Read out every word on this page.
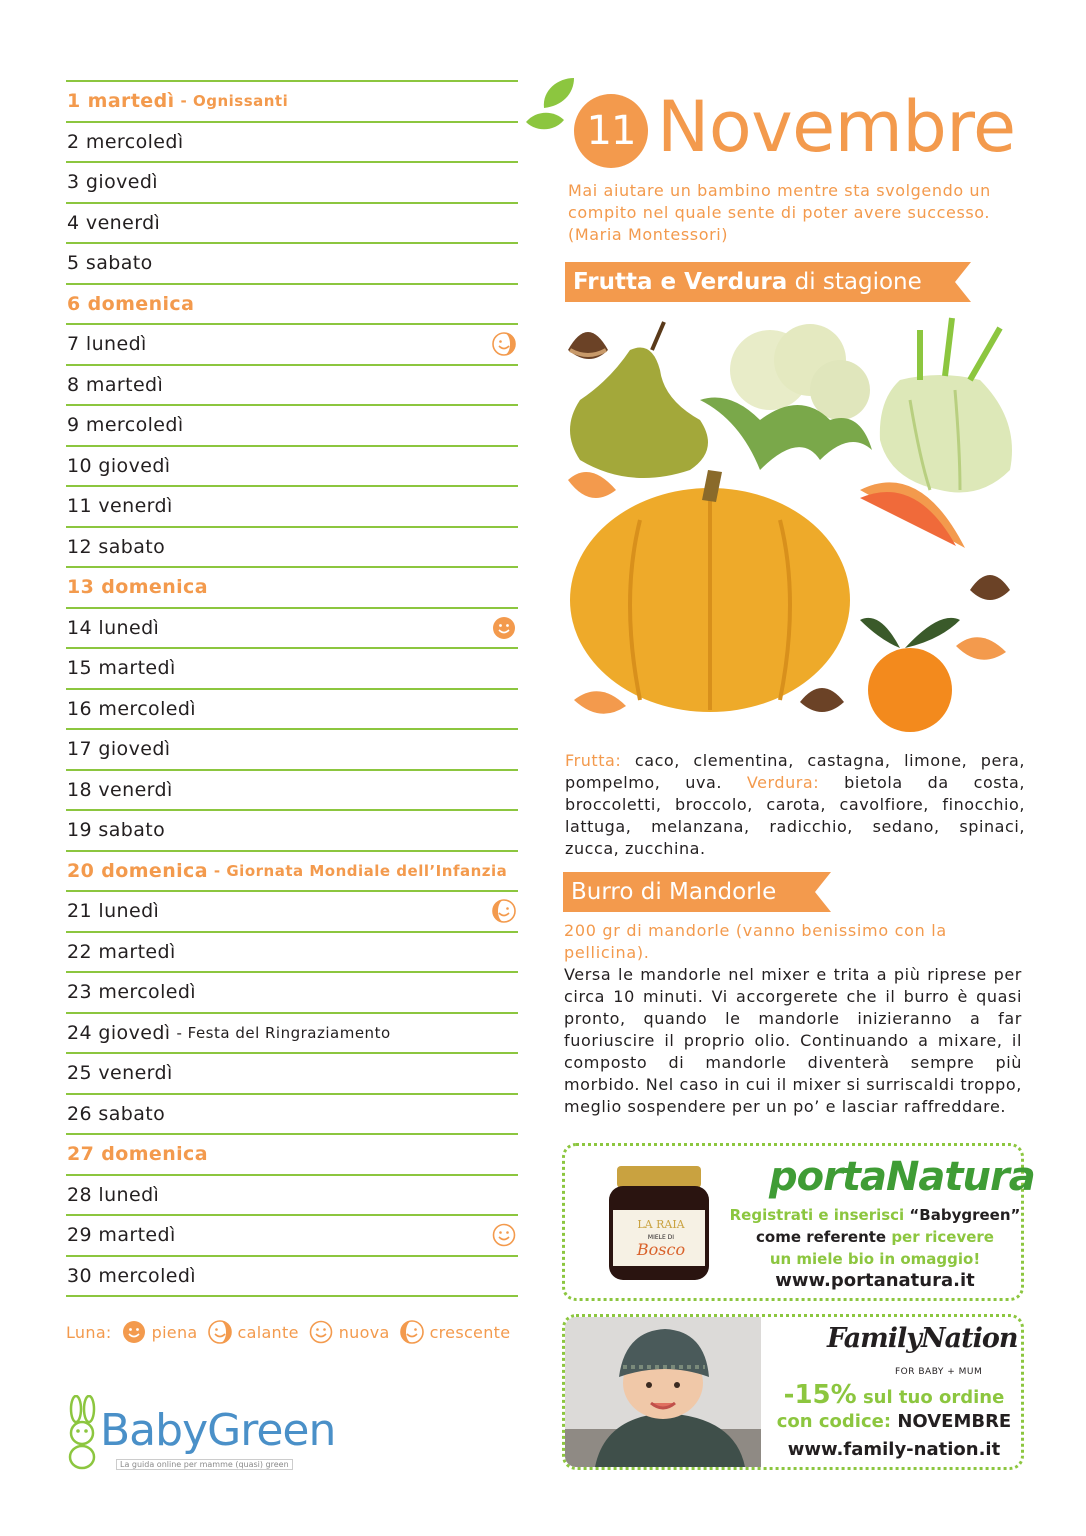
1 martedì - Ognissanti
2 mercoledì
3 giovedì
4 venerdì
5 sabato
6 domenica
7 lunedì
8 martedì
9 mercoledì
10 giovedì
11 venerdì
12 sabato
13 domenica
14 lunedì
15 martedì
16 mercoledì
17 giovedì
18 venerdì
19 sabato
20 domenica - Giornata Mondiale dell’Infanzia
21 lunedì
22 martedì
23 mercoledì
24 giovedì - Festa del Ringraziamento
25 venerdì
26 sabato
27 domenica
28 lunedì
29 martedì
30 mercoledì
Luna:	piena	calante	nuova	crescente
BabyGreen
La guida online per mamme (quasi) green
11 Novembre
Mai aiutare un bambino mentre sta svolgendo un compito nel quale sente di poter avere successo. (Maria Montessori)
Frutta e Verdura di stagione
Frutta: caco, clementina, castagna, limone, pera, pompelmo, uva. Verdura: bietola da costa, broccoletti, broccolo, carota, cavolfiore, finocchio, lattuga, melanzana, radicchio, sedano, spinaci, zucca, zucchina.
Burro di Mandorle
200 gr di mandorle (vanno benissimo con la pellicina).
Versa le mandorle nel mixer e trita a più riprese per circa 10 minuti. Vi accorgerete che il burro è quasi pronto, quando le mandorle inizieranno a far fuoriuscire il proprio olio. Continuando a mixare, il composto di mandorle diventerà sempre più morbido. Nel caso in cui il mixer si surriscaldi troppo, meglio sospendere per un po’ e lasciar raffreddare.
LA RAIA
MIELE DI
Bosco
portaNatura
Registrati e inserisci “Babygreen”
come referente per ricevere
un miele bio in omaggio!
www.portanatura.it
FamilyNation
FOR BABY + MUM
-15% sul tuo ordine
con codice: NOVEMBRE
www.family-nation.it
